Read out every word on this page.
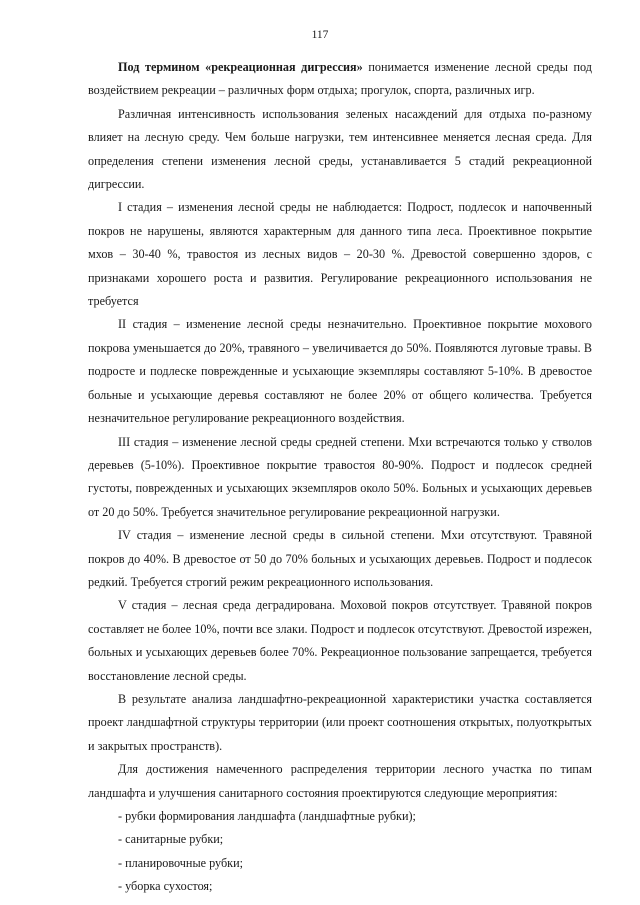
117

Под термином «рекреационная дигрессия» понимается изменение лесной среды под воздействием рекреации – различных форм отдыха; прогулок, спорта, различных игр.

Различная интенсивность использования зеленых насаждений для отдыха по-разному влияет на лесную среду. Чем больше нагрузки, тем интенсивнее меняется лесная среда. Для определения степени изменения лесной среды, устанавливается 5 стадий рекреационной дигрессии.

I стадия – изменения лесной среды не наблюдается: Подрост, подлесок и напочвенный покров не нарушены, являются характерным для данного типа леса. Проективное покрытие мхов – 30-40 %, травостоя из лесных видов – 20-30 %. Древостой совершенно здоров, с признаками хорошего роста и развития. Регулирование рекреационного использования не требуется

II стадия – изменение лесной среды незначительно. Проективное покрытие мохового покрова уменьшается до 20%, травяного – увеличивается до 50%. Появляются луговые травы. В подросте и подлеске поврежденные и усыхающие экземпляры составляют 5-10%. В древостое больные и усыхающие деревья составляют не более 20% от общего количества. Требуется незначительное регулирование рекреационного воздействия.

III стадия – изменение лесной среды средней степени. Мхи встречаются только у стволов деревьев (5-10%). Проективное покрытие травостоя 80-90%. Подрост и подлесок средней густоты, поврежденных и усыхающих экземпляров около 50%. Больных и усыхающих деревьев от 20 до 50%. Требуется значительное регулирование рекреационной нагрузки.

IV стадия – изменение лесной среды в сильной степени. Мхи отсутствуют. Травяной покров до 40%. В древостое от 50 до 70% больных и усыхающих деревьев. Подрост и подлесок редкий. Требуется строгий режим рекреационного использования.

V стадия – лесная среда деградирована. Моховой покров отсутствует. Травяной покров составляет не более 10%, почти все злаки. Подрост и подлесок отсутствуют. Древостой изрежен, больных и усыхающих деревьев более 70%. Рекреационное пользование запрещается, требуется восстановление лесной среды.

В результате анализа ландшафтно-рекреационной характеристики участка составляется проект ландшафтной структуры территории (или проект соотношения открытых, полуоткрытых и закрытых пространств).

Для достижения намеченного распределения территории лесного участка по типам ландшафта и улучшения санитарного состояния проектируются следующие мероприятия:

- рубки формирования ландшафта (ландшафтные рубки);
- санитарные рубки;
- планировочные рубки;
- уборка сухостоя;
